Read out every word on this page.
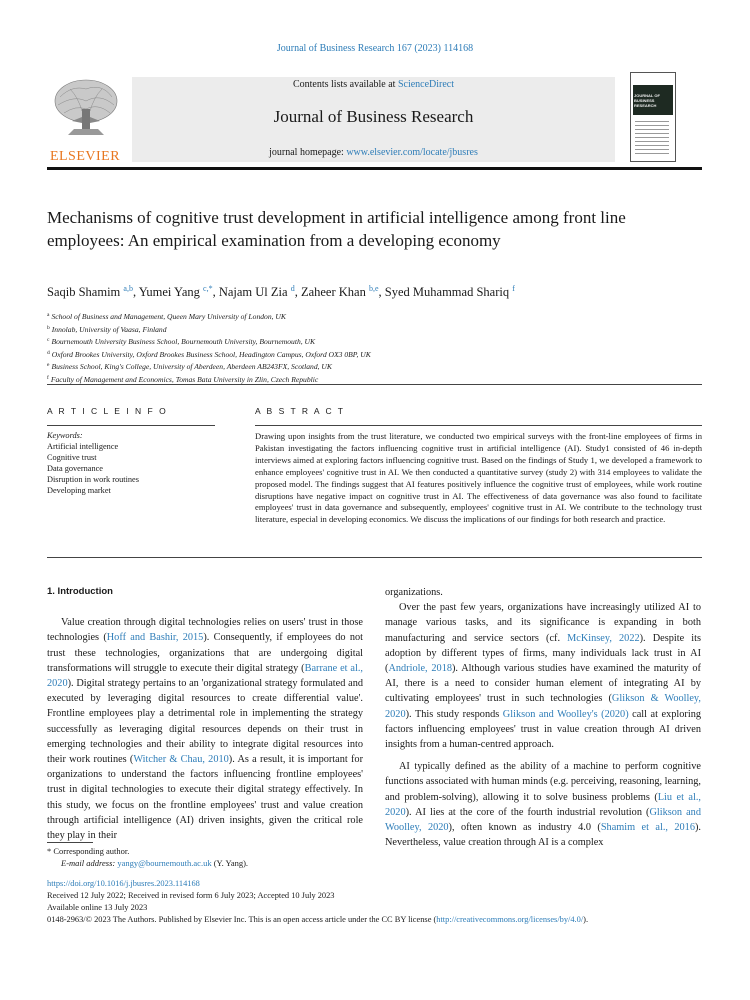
Journal of Business Research 167 (2023) 114168
ELSEVIER
Contents lists available at ScienceDirect
Journal of Business Research
journal homepage: www.elsevier.com/locate/jbusres
JOURNAL OF BUSINESS RESEARCH
Mechanisms of cognitive trust development in artificial intelligence among front line employees: An empirical examination from a developing economy
Saqib Shamim $^{a,b}$, Yumei Yang $^{c,*}$, Najam Ul Zia $^d$, Zaheer Khan $^{b,e}$, Syed Muhammad Shariq $^f$
$^a$ School of Business and Management, Queen Mary University of London, UK
$^b$ Innolab, University of Vaasa, Finland
$^c$ Bournemouth University Business School, Bournemouth University, Bournemouth, UK
$^d$ Oxford Brookes University, Oxford Brookes Business School, Headington Campus, Oxford OX3 0BP, UK
$^e$ Business School, King's College, University of Aberdeen, Aberdeen AB243FX, Scotland, UK
$^f$ Faculty of Management and Economics, Tomas Bata University in Zlin, Czech Republic
A R T I C L E I N F O	A B S T R A C T
Keywords:
Artificial intelligence
Cognitive trust
Data governance
Disruption in work routines
Developing market
Drawing upon insights from the trust literature, we conducted two empirical surveys with the front-line employees of firms in Pakistan investigating the factors influencing cognitive trust in artificial intelligence (AI). Study1 consisted of 46 in-depth interviews aimed at exploring factors influencing cognitive trust. Based on the findings of Study 1, we developed a framework to enhance employees' cognitive trust in AI. We then conducted a quantitative survey (study 2) with 314 employees to validate the proposed model. The findings suggest that AI features positively influence the cognitive trust of employees, while work routine disruptions have negative impact on cognitive trust in AI. The effectiveness of data governance was also found to facilitate employees' trust in data governance and subsequently, employees' cognitive trust in AI. We contribute to the technology trust literature, especial in developing economics. We discuss the implications of our findings for both research and practice.
1. Introduction

Value creation through digital technologies relies on users' trust in those technologies (Hoff and Bashir, 2015). Consequently, if employees do not trust these technologies, organizations that are undergoing digital transformations will struggle to execute their digital strategy (Barrane et al., 2020). Digital strategy pertains to an 'organizational strategy formulated and executed by leveraging digital resources to create differential value'. Frontline employees play a detrimental role in implementing the strategy successfully as leveraging digital resources depends on their trust in emerging technologies and their ability to integrate digital resources into their work routines (Witcher & Chau, 2010). As a result, it is important for organizations to understand the factors influencing frontline employees' trust in digital technologies to execute their digital strategy effectively. In this study, we focus on the frontline employees' trust and value creation through artificial intelligence (AI) driven insights, given the critical role they play in their

organizations.

Over the past few years, organizations have increasingly utilized AI to manage various tasks, and its significance is expanding in both manufacturing and service sectors (cf. McKinsey, 2022). Despite its adoption by different types of firms, many individuals lack trust in AI (Andriole, 2018). Although various studies have examined the maturity of AI, there is a need to consider human element of integrating AI by cultivating employees' trust in such technologies (Glikson & Woolley, 2020). This study responds Glikson and Woolley's (2020) call at exploring factors influencing employees' trust in value creation through AI driven insights from a human-centred approach.

AI typically defined as the ability of a machine to perform cognitive functions associated with human minds (e.g. perceiving, reasoning, learning, and problem-solving), allowing it to solve business problems (Liu et al., 2020). AI lies at the core of the fourth industrial revolution (Glikson and Woolley, 2020), often known as industry 4.0 (Shamim et al., 2016). Nevertheless, value creation through AI is a complex

* Corresponding author.
E-mail address: yangy@bournemouth.ac.uk (Y. Yang).
https://doi.org/10.1016/j.jbusres.2023.114168
Received 12 July 2022; Received in revised form 6 July 2023; Accepted 10 July 2023
Available online 13 July 2023
0148-2963/© 2023 The Authors. Published by Elsevier Inc. This is an open access article under the CC BY license (http://creativecommons.org/licenses/by/4.0/).
